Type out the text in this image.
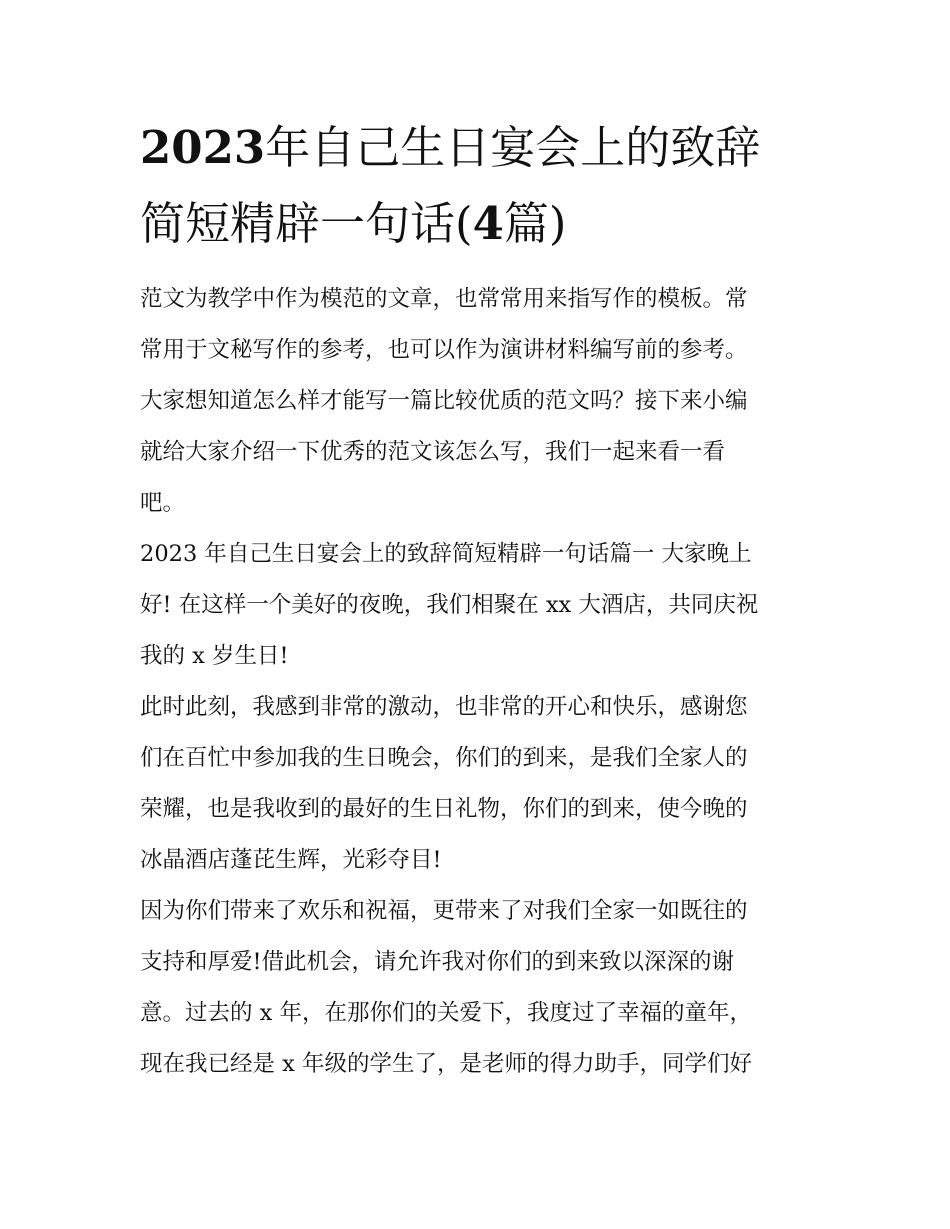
2023年自己生日宴会上的致辞
简短精辟一句话(4篇)
范文为教学中作为模范的文章，也常常用来指写作的模板。常
常用于文秘写作的参考，也可以作为演讲材料编写前的参考。
大家想知道怎么样才能写一篇比较优质的范文吗？接下来小编
就给大家介绍一下优秀的范文该怎么写，我们一起来看一看
吧。
2023 年自己生日宴会上的致辞简短精辟一句话篇一 大家晚上
好! 在这样一个美好的夜晚，我们相聚在 xx 大酒店，共同庆祝
我的 x 岁生日!
此时此刻，我感到非常的激动，也非常的开心和快乐，感谢您
们在百忙中参加我的生日晚会，你们的到来，是我们全家人的
荣耀，也是我收到的最好的生日礼物，你们的到来，使今晚的
冰晶酒店蓬芘生辉，光彩夺目!
因为你们带来了欢乐和祝福，更带来了对我们全家一如既往的
支持和厚爱!借此机会，请允许我对你们的到来致以深深的谢
意。过去的 x 年，在那你们的关爱下，我度过了幸福的童年，
现在我已经是 x 年级的学生了，是老师的得力助手，同学们好
